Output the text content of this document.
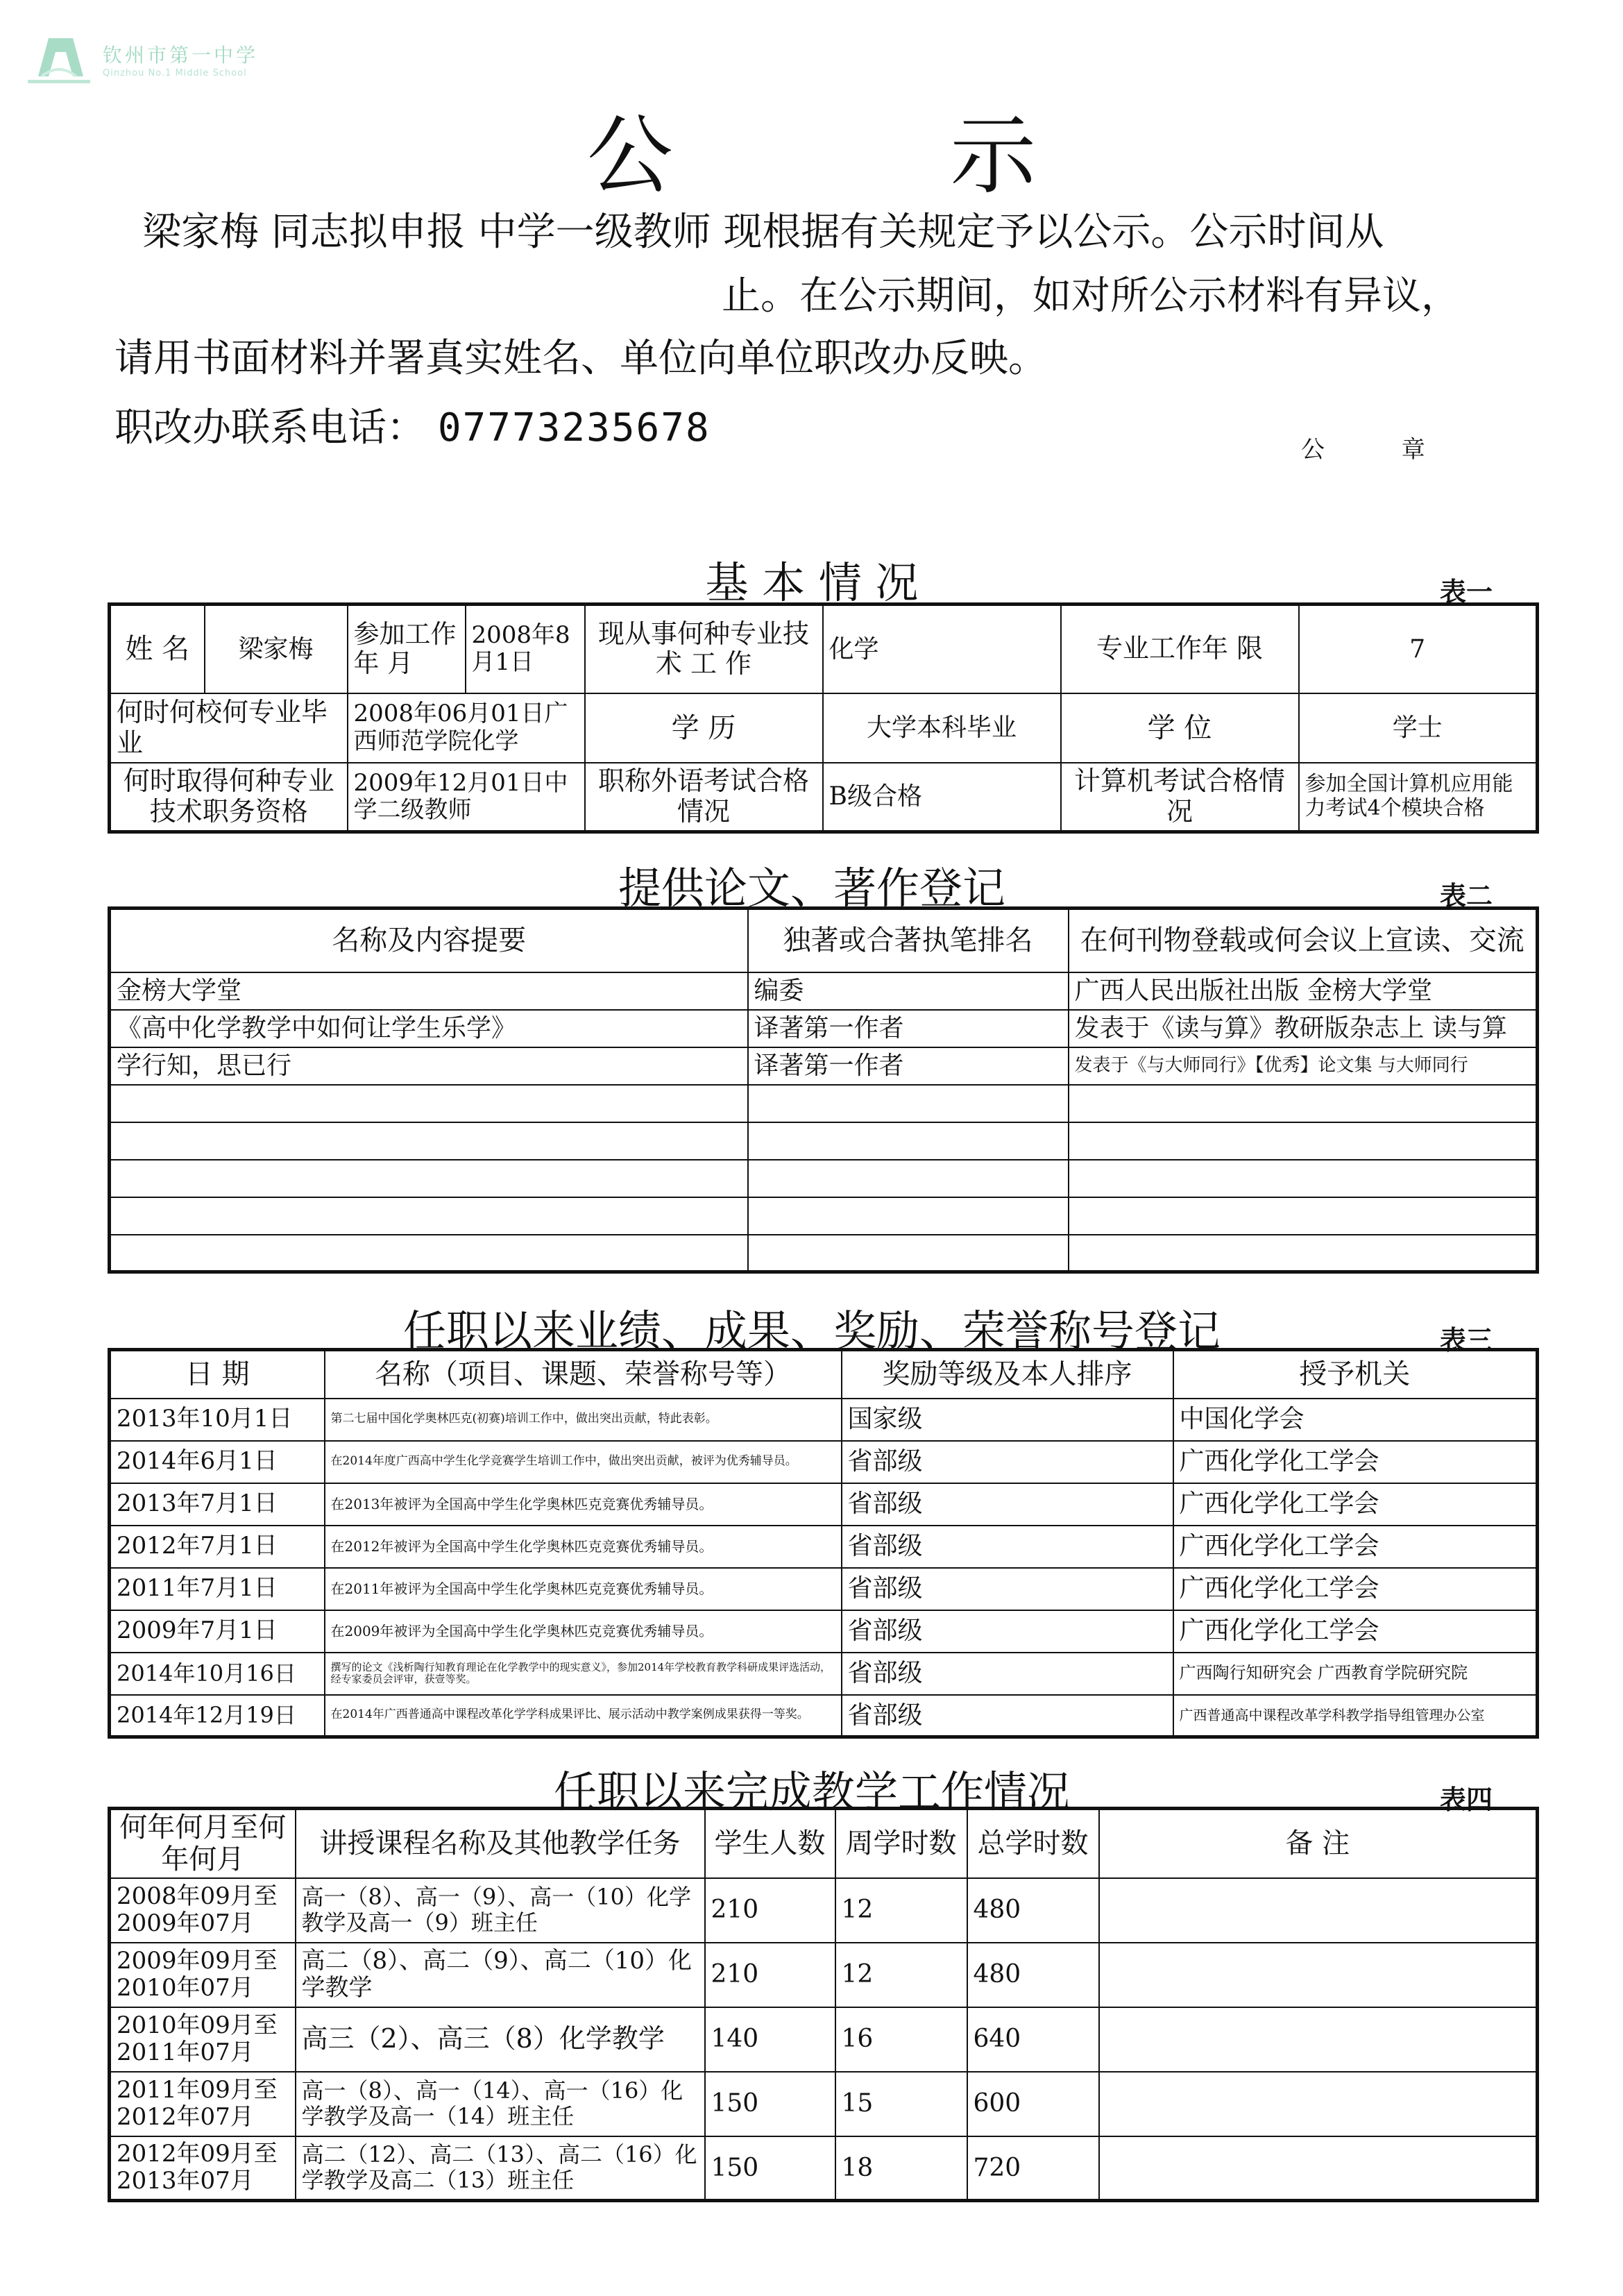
钦州市第一中学
Qinzhou No.1 Middle School
公 示
梁家梅 同志拟申报 中学一级教师 现根据有关规定予以公示。公示时间从
止。在公示期间，如对所公示材料有异议，
请用书面材料并署真实姓名、单位向单位职改办反映。
职改办联系电话： 07773235678	公 章
基 本 情 况	表一
姓 名	梁家梅	参加工作年 月	2008年8月1日	现从事何种专业技 术 工 作	化学	专业工作年 限	7
何时何校何专业毕 业		2008年06月01日广西师范学院化学		学 历	大学本科毕业	学 位	学士
何时取得何种专业技术职务资格		2009年12月01日中学二级教师		职称外语考试合格情况	B级合格	计算机考试合格情况	参加全国计算机应用能力考试4个模块合格
提供论文、著作登记	表二
名称及内容提要	独著或合著执笔排名	在何刊物登载或何会议上宣读、交流
金榜大学堂	编委	广西人民出版社出版 金榜大学堂
《高中化学教学中如何让学生乐学》	译著第一作者	发表于《读与算》教研版杂志上 读与算
学行知，思已行	译著第一作者	发表于《与大师同行》【优秀】论文集 与大师同行

任职以来业绩、成果、奖励、荣誉称号登记	表三
日 期	名称（项目、课题、荣誉称号等）	奖励等级及本人排序	授予机关
2013年10月1日	第二七届中国化学奥林匹克(初赛)培训工作中，做出突出贡献，特此表彰。	国家级	中国化学会
2014年6月1日	在2014年度广西高中学生化学竞赛学生培训工作中，做出突出贡献，被评为优秀辅导员。	省部级	广西化学化工学会
2013年7月1日	在2013年被评为全国高中学生化学奥林匹克竞赛优秀辅导员。	省部级	广西化学化工学会
2012年7月1日	在2012年被评为全国高中学生化学奥林匹克竞赛优秀辅导员。	省部级	广西化学化工学会
2011年7月1日	在2011年被评为全国高中学生化学奥林匹克竞赛优秀辅导员。	省部级	广西化学化工学会
2009年7月1日	在2009年被评为全国高中学生化学奥林匹克竞赛优秀辅导员。	省部级	广西化学化工学会
2014年10月16日	撰写的论文《浅析陶行知教育理论在化学教学中的现实意义》，参加2014年学校教育教学科研成果评选活动，经专家委员会评审，获壹等奖。	省部级	广西陶行知研究会 广西教育学院研究院
2014年12月19日	在2014年广西普通高中课程改革化学学科成果评比、展示活动中教学案例成果获得一等奖。	省部级	广西普通高中课程改革学科教学指导组管理办公室
任职以来完成教学工作情况	表四
何年何月至何年何月	讲授课程名称及其他教学任务	学生人数	周学时数	总学时数	备 注
2008年09月至2009年07月	高一（8）、高一（9）、高一（10）化学教学及高一（9）班主任	210	12	480	
2009年09月至2010年07月	高二（8）、高二（9）、高二（10）化学教学	210	12	480	
2010年09月至2011年07月	高三（2）、高三（8）化学教学	140	16	640	
2011年09月至2012年07月	高一（8）、高一（14）、高一（16）化学教学及高一（14）班主任	150	15	600	
2012年09月至2013年07月	高二（12）、高二（13）、高二（16）化学教学及高二（13）班主任	150	18	720	
